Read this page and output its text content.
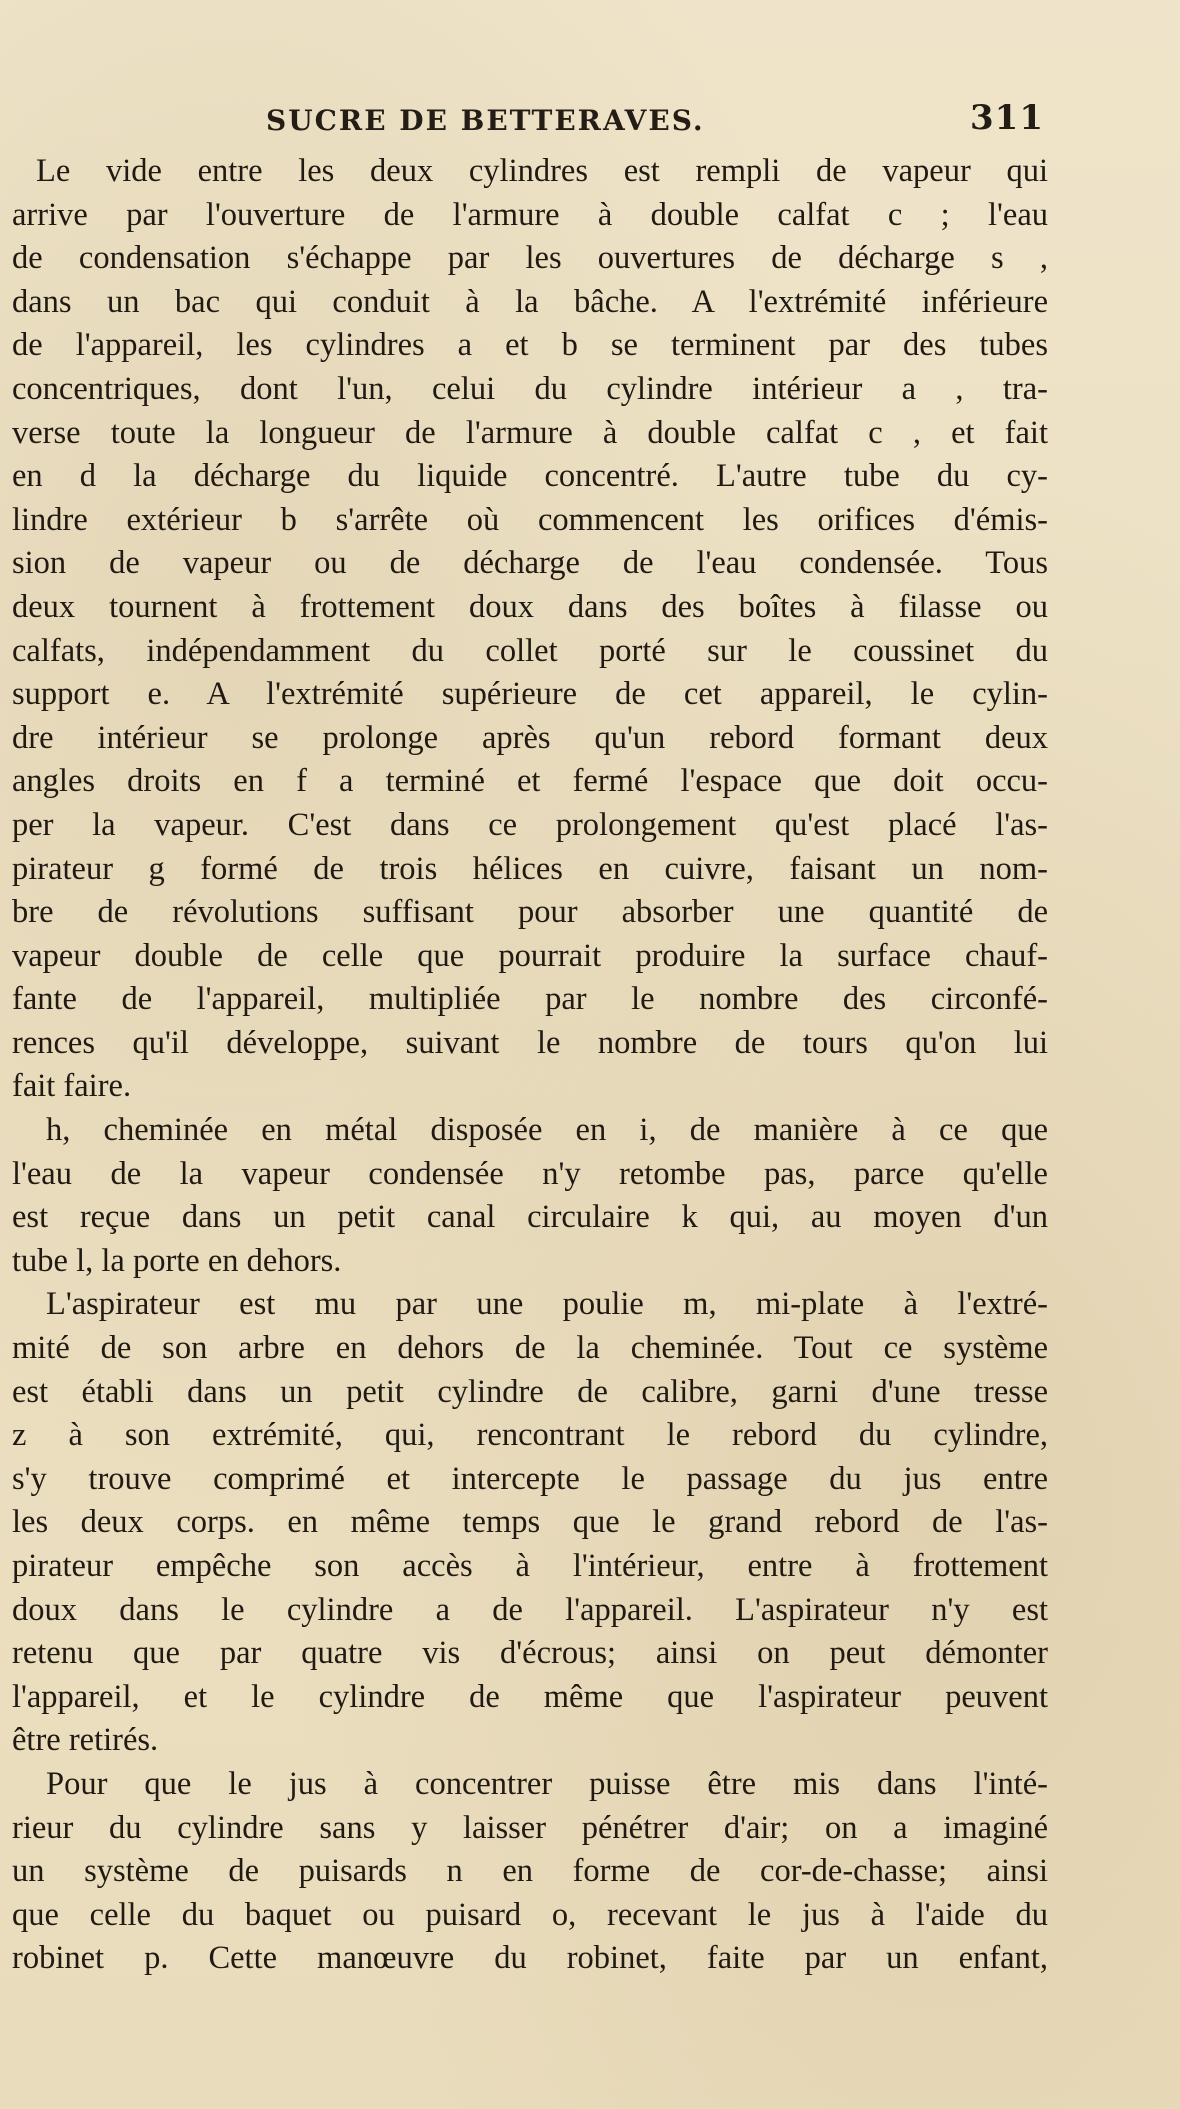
SUCRE DE BETTERAVES.	311
Le vide entre les deux cylindres est rempli de vapeur qui
arrive par l'ouverture de l'armure à double calfat c ; l'eau
de condensation s'échappe par les ouvertures de décharge s ,
dans un bac qui conduit à la bâche. A l'extrémité inférieure
de l'appareil, les cylindres a et b se terminent par des tubes
concentriques, dont l'un, celui du cylindre intérieur a , tra-
verse toute la longueur de l'armure à double calfat c , et fait
en d la décharge du liquide concentré. L'autre tube du cy-
lindre extérieur b s'arrête où commencent les orifices d'émis-
sion de vapeur ou de décharge de l'eau condensée. Tous
deux tournent à frottement doux dans des boîtes à filasse ou
calfats, indépendamment du collet porté sur le coussinet du
support e. A l'extrémité supérieure de cet appareil, le cylin-
dre intérieur se prolonge après qu'un rebord formant deux
angles droits en f a terminé et fermé l'espace que doit occu-
per la vapeur. C'est dans ce prolongement qu'est placé l'as-
pirateur g formé de trois hélices en cuivre, faisant un nom-
bre de révolutions suffisant pour absorber une quantité de
vapeur double de celle que pourrait produire la surface chauf-
fante de l'appareil, multipliée par le nombre des circonfé-
rences qu'il développe, suivant le nombre de tours qu'on lui
fait faire.
h, cheminée en métal disposée en i, de manière à ce que
l'eau de la vapeur condensée n'y retombe pas, parce qu'elle
est reçue dans un petit canal circulaire k qui, au moyen d'un
tube l, la porte en dehors.
L'aspirateur est mu par une poulie m, mi-plate à l'extré-
mité de son arbre en dehors de la cheminée. Tout ce système
est établi dans un petit cylindre de calibre, garni d'une tresse
z à son extrémité, qui, rencontrant le rebord du cylindre,
s'y trouve comprimé et intercepte le passage du jus entre
les deux corps. en même temps que le grand rebord de l'as-
pirateur empêche son accès à l'intérieur, entre à frottement
doux dans le cylindre a de l'appareil. L'aspirateur n'y est
retenu que par quatre vis d'écrous; ainsi on peut démonter
l'appareil, et le cylindre de même que l'aspirateur peuvent
être retirés.
Pour que le jus à concentrer puisse être mis dans l'inté-
rieur du cylindre sans y laisser pénétrer d'air; on a imaginé
un système de puisards n en forme de cor-de-chasse; ainsi
que celle du baquet ou puisard o, recevant le jus à l'aide du
robinet p. Cette manœuvre du robinet, faite par un enfant,
